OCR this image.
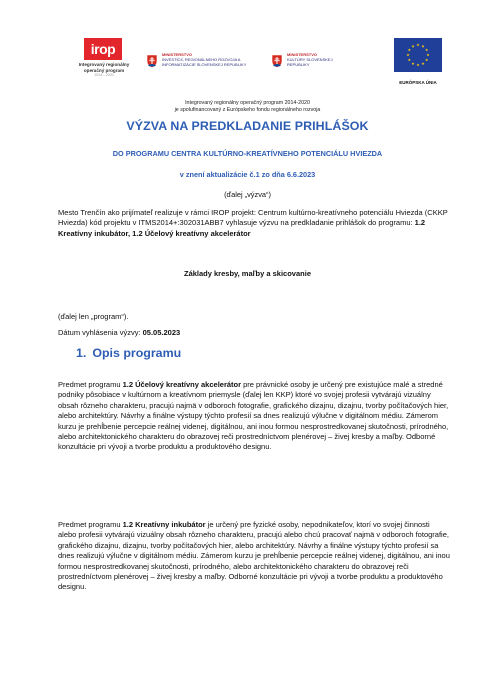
irop
Integrovaný regionálny operačný program
2014 - 2020
MINISTERSTVO
INVESTÍCIÍ, REGIONÁLNEHO ROZVOJA A INFORMATIZÁCIE SLOVENSKEJ REPUBLIKY
MINISTERSTVO
KULTÚRY SLOVENSKEJ REPUBLIKY
EURÓPSKA ÚNIA
Integrovaný regionálny operačný program 2014-2020
je spolufinancovaný z Európskeho fondu regionálneho rozvoja
VÝZVA NA PREDKLADANIE PRIHLÁŠOK
DO PROGRAMU CENTRA KULTÚRNO-KREATÍVNEHO POTENCIÁLU HVIEZDA
v znení aktualizácie č.1 zo dňa 6.6.2023
(ďalej „výzva“)
Mesto Trenčín ako prijímateľ realizuje v rámci IROP projekt: Centrum kultúrno-kreatívneho potenciálu Hviezda (CKKP Hviezda) kód projektu v ITMS2014+:302031ABB7 vyhlasuje výzvu na predkladanie prihlášok do programu: 1.2 Kreatívny inkubátor, 1.2 Účelový kreatívny akcelerátor
Základy kresby, maľby a skicovanie
(ďalej len „program“).
Dátum vyhlásenia výzvy: 05.05.2023
1. Opis programu
Predmet programu 1.2 Účelový kreatívny akcelerátor pre právnické osoby je určený pre existujúce malé a stredné podniky pôsobiace v kultúrnom a kreatívnom priemysle (ďalej len KKP) ktoré vo svojej profesii vytvárajú vizuálny obsah rôzneho charakteru, pracujú najmä v odboroch fotografie, grafického dizajnu, dizajnu, tvorby počítačových hier, alebo architektúry. Návrhy a finálne výstupy týchto profesií sa dnes realizujú výlučne v digitálnom médiu. Zámerom kurzu je prehĺbenie percepcie reálnej videnej, digitálnou, ani inou formou nesprostredkovanej skutočnosti, prírodného, alebo architektonického charakteru do obrazovej reči prostredníctvom plenérovej – živej kresby a maľby. Odborné konzultácie pri vývoji a tvorbe produktu a produktového designu.
Predmet programu 1.2 Kreatívny inkubátor je určený pre fyzické osoby, nepodnikateľov, ktorí vo svojej činnosti alebo profesii vytvárajú vizuálny obsah rôzneho charakteru, pracujú alebo chcú pracovať najmä v odboroch fotografie, grafického dizajnu, dizajnu, tvorby počítačových hier, alebo architektúry. Návrhy a finálne výstupy týchto profesií sa dnes realizujú výlučne v digitálnom médiu. Zámerom kurzu je prehĺbenie percepcie reálnej videnej, digitálnou, ani inou formou nesprostredkovanej skutočnosti, prírodného, alebo architektonického charakteru do obrazovej reči prostredníctvom plenérovej – živej kresby a maľby. Odborné konzultácie pri vývoji a tvorbe produktu a produktového designu.
